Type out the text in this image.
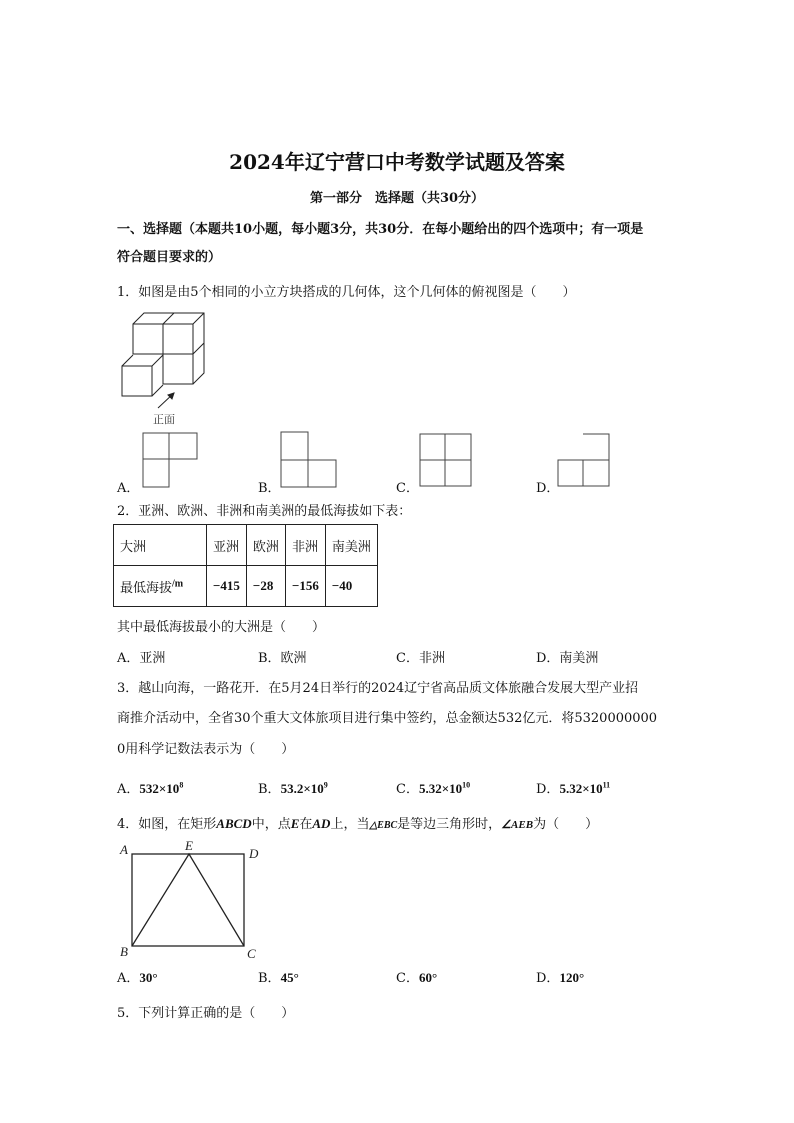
2024年辽宁营口中考数学试题及答案
第一部分　选择题（共30分）
一、选择题（本题共10小题，每小题3分，共30分．在每小题给出的四个选项中；有一项是
符合题目要求的）
1．如图是由5个相同的小立方块搭成的几何体，这个几何体的俯视图是（　　）
正面
A．	B．	C．	D．
2．亚洲、欧洲、非洲和南美洲的最低海拔如下表：
大洲	亚洲	欧洲	非洲	南美洲
最低海拔$^{/m}$	−415	−28	−156	−40
其中最低海拔最小的大洲是（　　）
A．亚洲	B．欧洲	C．非洲	D．南美洲
3．越山向海，一路花开．在5月24日举行的2024辽宁省高品质文体旅融合发展大型产业招
商推介活动中，全省30个重大文体旅项目进行集中签约，总金额达532亿元．将5320000000
0用科学记数法表示为（　　）
A．$532\times 10^8$	B．$53.2\times 10^9$	C．$5.32\times 10^{10}$	D．$5.32\times 10^{11}$
4．如图，在矩形ABCD中，点E在AD上，当△EBC是等边三角形时，∠AEB为（　　）
A	E
D
B	C
A．30°	B．45°	C．60°	D．120°
5．下列计算正确的是（　　）
